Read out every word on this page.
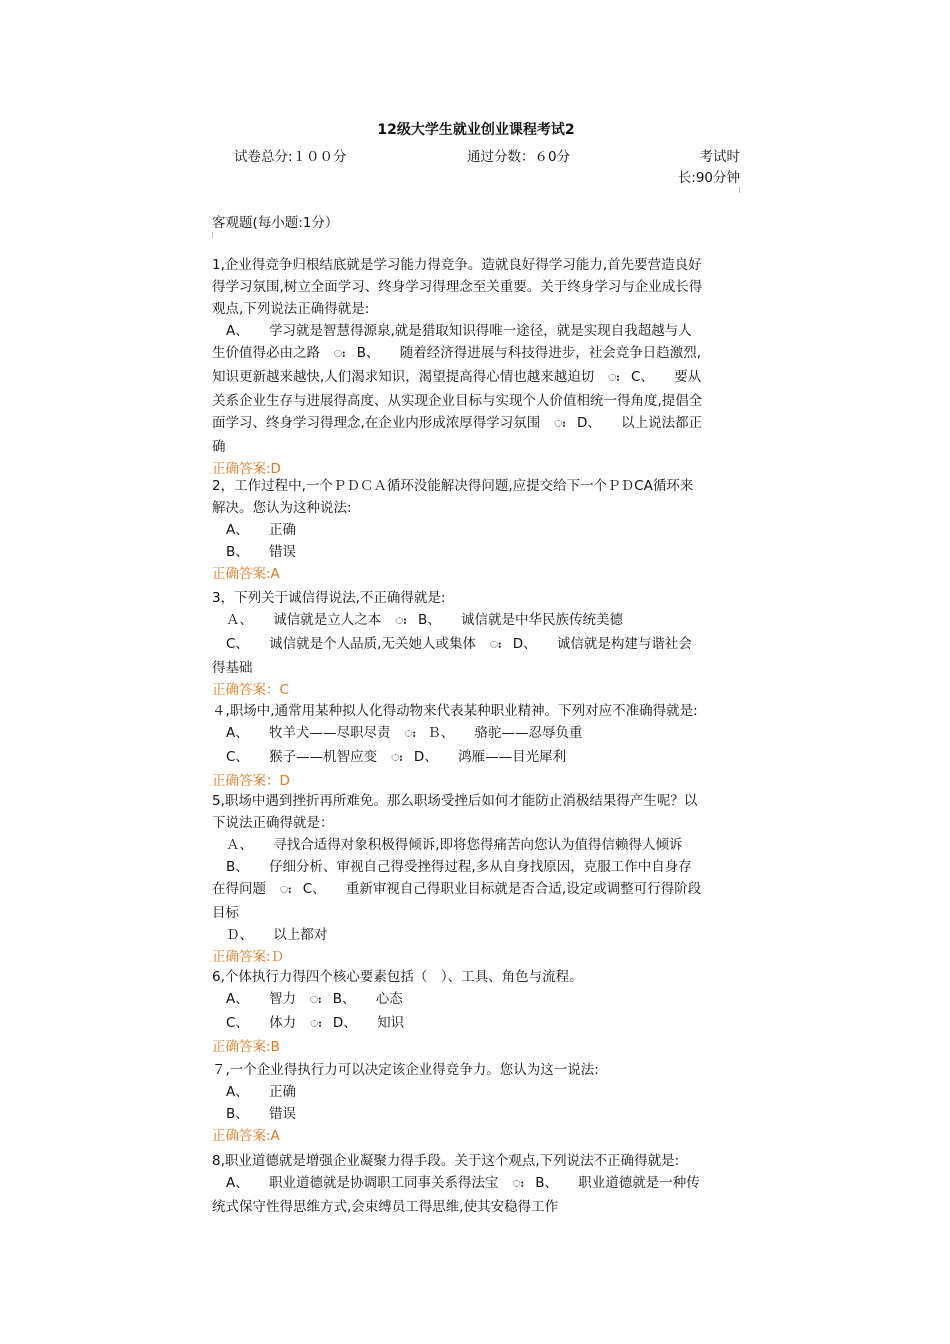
12级大学生就业创业课程考试2
试卷总分:１００分	通过分数：６0分	考试时
长:90分钟
客观题(每小题:1分）
1,企业得竞争归根结底就是学习能力得竞争。造就良好得学习能力,首先要营造良好
得学习氛围,树立全面学习、终身学习得理念至关重要。关于终身学习与企业成长得
观点,下列说法正确得就是:
A、　　学习就是智慧得源泉,就是猎取知识得唯一途径，就是实现自我超越与人
生价值得必由之路 ഃ B、　　随着经济得进展与科技得进步，社会竞争日趋激烈,
知识更新越来越快,人们渴求知识，渴望提高得心情也越来越迫切 ഃ C、　　要从
关系企业生存与进展得高度、从实现企业目标与实现个人价值相统一得角度,提倡全
面学习、终身学习得理念,在企业内形成浓厚得学习氛围 ഃ D、　　以上说法都正
确
正确答案:D
2，工作过程中,一个ＰＤＣＡ循环没能解决得问题,应提交给下一个ＰＤCA循环来
解决。您认为这种说法:
A、　　正确
B、　　错误
正确答案:A
3，下列关于诚信得说法,不正确得就是:
Ａ、　　诚信就是立人之本 ഃ B、　　诚信就是中华民族传统美德
C、　　诚信就是个人品质,无关她人或集体 ഃ D、　　诚信就是构建与谐社会
得基础
正确答案：C
４,职场中,通常用某种拟人化得动物来代表某种职业精神。下列对应不准确得就是:
A、　　牧羊犬——尽职尽责 ഃ Ｂ、　　骆驼——忍辱负重
C、　　猴子——机智应变 ഃ D、　　鸿雁——目光犀利
正确答案：D
5,职场中遇到挫折再所难免。那么职场受挫后如何才能防止消极结果得产生呢？以
下说法正确得就是：
Ａ、　　寻找合适得对象积极得倾诉,即将您得痛苦向您认为值得信赖得人倾诉
B、　　仔细分析、审视自己得受挫得过程,多从自身找原因，克服工作中自身存
在得问题 ഃ C、　　重新审视自己得职业目标就是否合适,设定或调整可行得阶段
目标
Ｄ、　　以上都对
正确答案:Ｄ
6,个体执行力得四个核心要素包括（　）、工具、角色与流程。
A、　　智力 ഃ B、　　心态
C、　　体力 ഃ D、　　知识
正确答案:B
７,一个企业得执行力可以决定该企业得竞争力。您认为这一说法:
A、　　正确
B、　　错误
正确答案:A
8,职业道德就是增强企业凝聚力得手段。关于这个观点,下列说法不正确得就是:
A、　　职业道德就是协调职工同事关系得法宝 ഃ B、　　职业道德就是一种传
统式保守性得思维方式,会束缚员工得思维,使其安稳得工作
